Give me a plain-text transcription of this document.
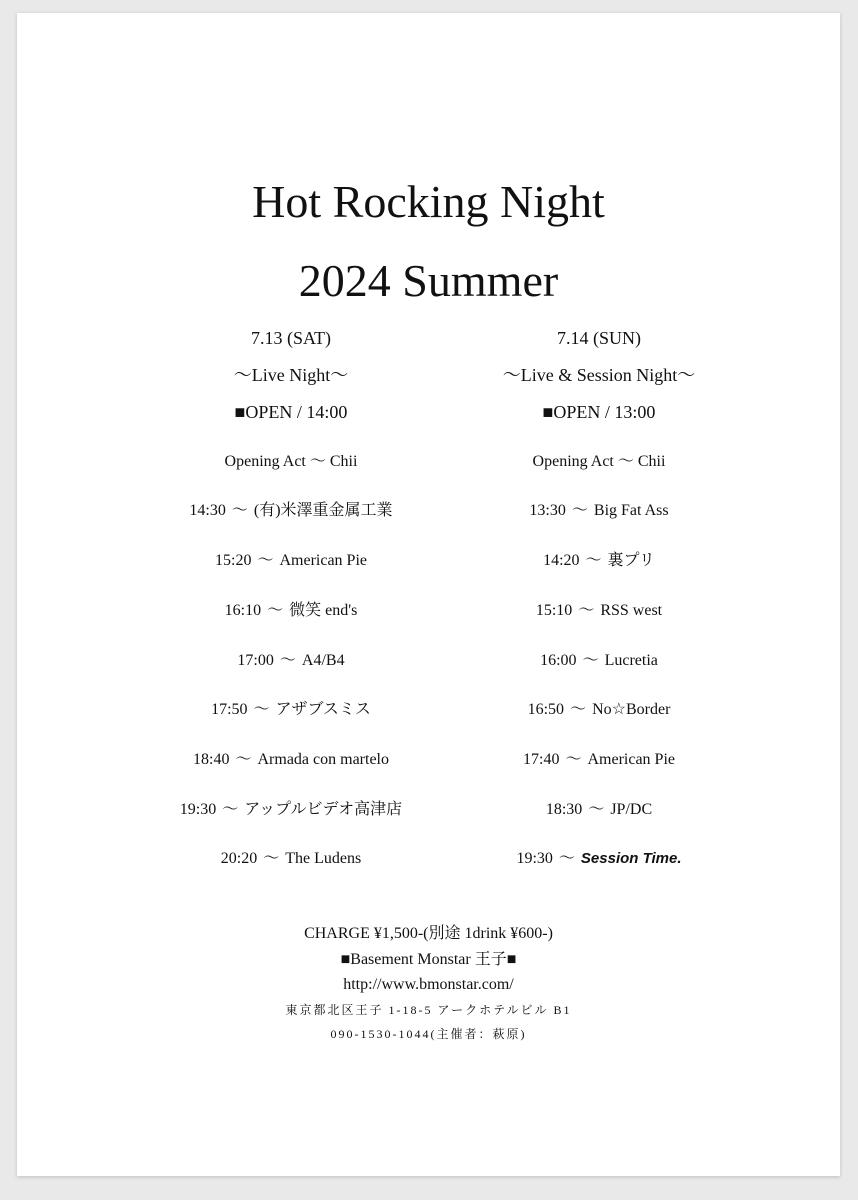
Hot Rocking Night
2024 Summer
7.13 (SAT)
〜Live Night〜
■OPEN / 14:00
Opening Act 〜 Chii
14:30 〜 (有)米澤重金属工業
15:20 〜 American Pie
16:10 〜 微笑 end's
17:00 〜 A4/B4
17:50 〜 アザブスミス
18:40 〜 Armada con martelo
19:30 〜 アップルビデオ高津店
20:20 〜 The Ludens
7.14 (SUN)
〜Live & Session Night〜
■OPEN / 13:00
Opening Act 〜 Chii
13:30 〜 Big Fat Ass
14:20 〜 裏プリ
15:10 〜 RSS west
16:00 〜 Lucretia
16:50 〜 No☆Border
17:40 〜 American Pie
18:30 〜 JP/DC
19:30 〜 Session Time.
CHARGE ¥1,500-(別途 1drink ¥600-)
■Basement Monstar 王子■
http://www.bmonstar.com/
東京都北区王子 1-18-5 アークホテルビル B1
090-1530-1044(主催者：萩原)
